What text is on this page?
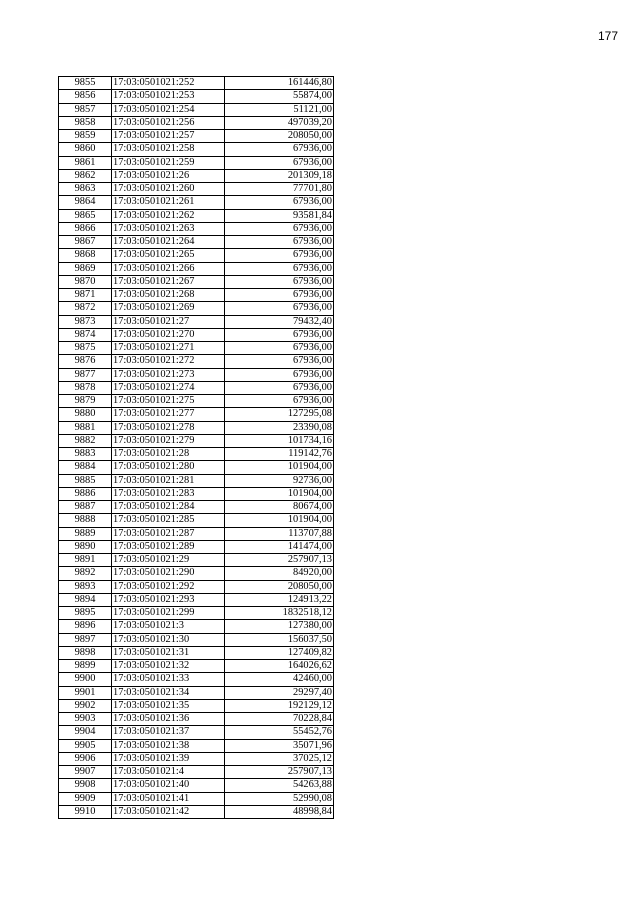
177
9855	17:03:0501021:252	161446,80
9856	17:03:0501021:253	55874,00
9857	17:03:0501021:254	51121,00
9858	17:03:0501021:256	497039,20
9859	17:03:0501021:257	208050,00
9860	17:03:0501021:258	67936,00
9861	17:03:0501021:259	67936,00
9862	17:03:0501021:26	201309,18
9863	17:03:0501021:260	77701,80
9864	17:03:0501021:261	67936,00
9865	17:03:0501021:262	93581,84
9866	17:03:0501021:263	67936,00
9867	17:03:0501021:264	67936,00
9868	17:03:0501021:265	67936,00
9869	17:03:0501021:266	67936,00
9870	17:03:0501021:267	67936,00
9871	17:03:0501021:268	67936,00
9872	17:03:0501021:269	67936,00
9873	17:03:0501021:27	79432,40
9874	17:03:0501021:270	67936,00
9875	17:03:0501021:271	67936,00
9876	17:03:0501021:272	67936,00
9877	17:03:0501021:273	67936,00
9878	17:03:0501021:274	67936,00
9879	17:03:0501021:275	67936,00
9880	17:03:0501021:277	127295,08
9881	17:03:0501021:278	23390,08
9882	17:03:0501021:279	101734,16
9883	17:03:0501021:28	119142,76
9884	17:03:0501021:280	101904,00
9885	17:03:0501021:281	92736,00
9886	17:03:0501021:283	101904,00
9887	17:03:0501021:284	80674,00
9888	17:03:0501021:285	101904,00
9889	17:03:0501021:287	113707,88
9890	17:03:0501021:289	141474,00
9891	17:03:0501021:29	257907,13
9892	17:03:0501021:290	84920,00
9893	17:03:0501021:292	208050,00
9894	17:03:0501021:293	124913,22
9895	17:03:0501021:299	1832518,12
9896	17:03:0501021:3	127380,00
9897	17:03:0501021:30	156037,50
9898	17:03:0501021:31	127409,82
9899	17:03:0501021:32	164026,62
9900	17:03:0501021:33	42460,00
9901	17:03:0501021:34	29297,40
9902	17:03:0501021:35	192129,12
9903	17:03:0501021:36	70228,84
9904	17:03:0501021:37	55452,76
9905	17:03:0501021:38	35071,96
9906	17:03:0501021:39	37025,12
9907	17:03:0501021:4	257907,13
9908	17:03:0501021:40	54263,88
9909	17:03:0501021:41	52990,08
9910	17:03:0501021:42	48998,84
